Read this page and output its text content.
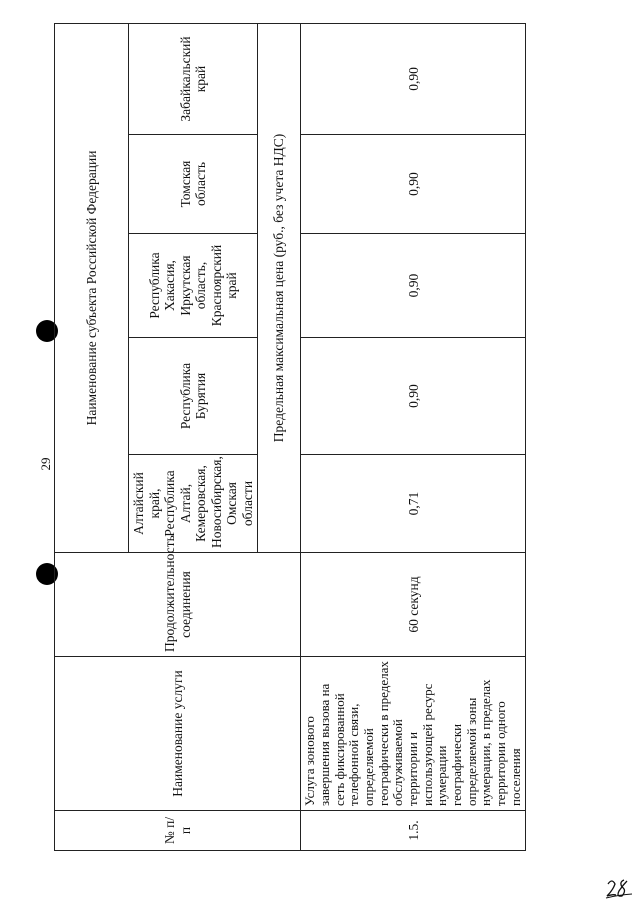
29
№ п/п	Наименование услуги	Продолжительность соединения	Наименование субъекта Российской Федерации				
			Алтайский край, Республика Алтай, Кемеровская, Новосибирская, Омская области	Республика Бурятия	Республика Хакасия, Иркутская область, Красноярский край	Томская область	Забайкальский край
			Предельная максимальная цена (руб., без учета НДС)				
1.5.	Услуга зонового завершения вызова на сеть фиксированной телефонной связи, определяемой географически в пределах обслуживаемой территории и использующей ресурс нумерации географически определяемой зоны нумерации, в пределах территории одного поселения	60 секунд	0,71	0,90	0,90	0,90	0,90
